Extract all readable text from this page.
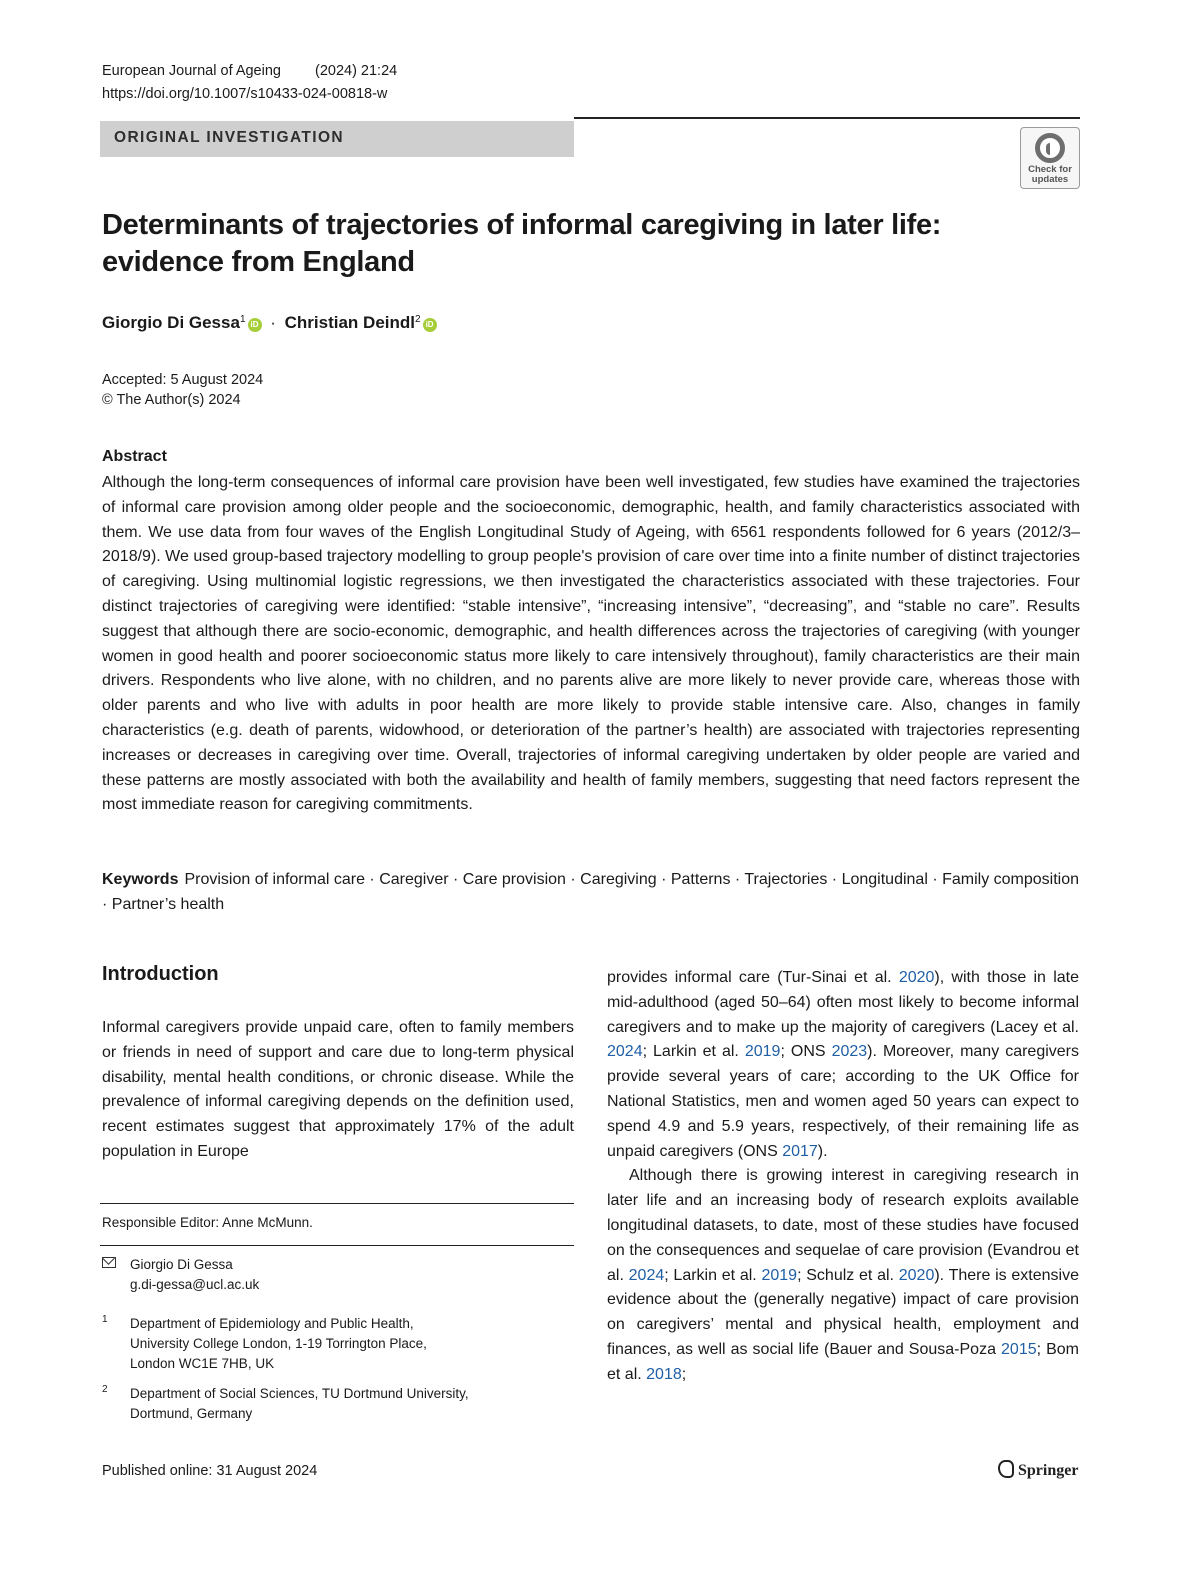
European Journal of Ageing (2024) 21:24
https://doi.org/10.1007/s10433-024-00818-w
ORIGINAL INVESTIGATION
Check for updates
Determinants of trajectories of informal caregiving in later life: evidence from England
Giorgio Di Gessa$^1$ iD · Christian Deindl$^2$ iD
Accepted: 5 August 2024
© The Author(s) 2024
Abstract

Although the long-term consequences of informal care provision have been well investigated, few studies have examined the trajectories of informal care provision among older people and the socioeconomic, demographic, health, and family characteristics associated with them. We use data from four waves of the English Longitudinal Study of Ageing, with 6561 respondents followed for 6 years (2012/3–2018/9). We used group-based trajectory modelling to group people's provision of care over time into a finite number of distinct trajectories of caregiving. Using multinomial logistic regressions, we then investigated the characteristics associated with these trajectories. Four distinct trajectories of caregiving were identified: “stable intensive”, “increasing intensive”, “decreasing”, and “stable no care”. Results suggest that although there are socio-economic, demographic, and health differences across the trajectories of caregiving (with younger women in good health and poorer socioeconomic status more likely to care intensively throughout), family characteristics are their main drivers. Respondents who live alone, with no children, and no parents alive are more likely to never provide care, whereas those with older parents and who live with adults in poor health are more likely to provide stable intensive care. Also, changes in family characteristics (e.g. death of parents, widowhood, or deterioration of the partner’s health) are associated with trajectories representing increases or decreases in caregiving over time. Overall, trajectories of informal caregiving undertaken by older people are varied and these patterns are mostly associated with both the availability and health of family members, suggesting that need factors represent the most immediate reason for caregiving commitments.

Keywords Provision of informal care · Caregiver · Care provision · Caregiving · Patterns · Trajectories · Longitudinal · Family composition · Partner’s health
Introduction

Informal caregivers provide unpaid care, often to family members or friends in need of support and care due to long-term physical disability, mental health conditions, or chronic disease. While the prevalence of informal caregiving depends on the definition used, recent estimates suggest that approximately 17% of the adult population in Europe

provides informal care (Tur-Sinai et al. 2020), with those in late mid-adulthood (aged 50–64) often most likely to become informal caregivers and to make up the majority of caregivers (Lacey et al. 2024; Larkin et al. 2019; ONS 2023). Moreover, many caregivers provide several years of care; according to the UK Office for National Statistics, men and women aged 50 years can expect to spend 4.9 and 5.9 years, respectively, of their remaining life as unpaid caregivers (ONS 2017).

Although there is growing interest in caregiving research in later life and an increasing body of research exploits available longitudinal datasets, to date, most of these studies have focused on the consequences and sequelae of care provision (Evandrou et al. 2024; Larkin et al. 2019; Schulz et al. 2020). There is extensive evidence about the (generally negative) impact of care provision on caregivers’ mental and physical health, employment and finances, as well as social life (Bauer and Sousa-Poza 2015; Bom et al. 2018;

Responsible Editor: Anne McMunn.
Giorgio Di Gessa
g.di-gessa@ucl.ac.uk
1 Department of Epidemiology and Public Health,
University College London, 1-19 Torrington Place,
London WC1E 7HB, UK
2 Department of Social Sciences, TU Dortmund University,
Dortmund, Germany
Published online: 31 August 2024	Springer
